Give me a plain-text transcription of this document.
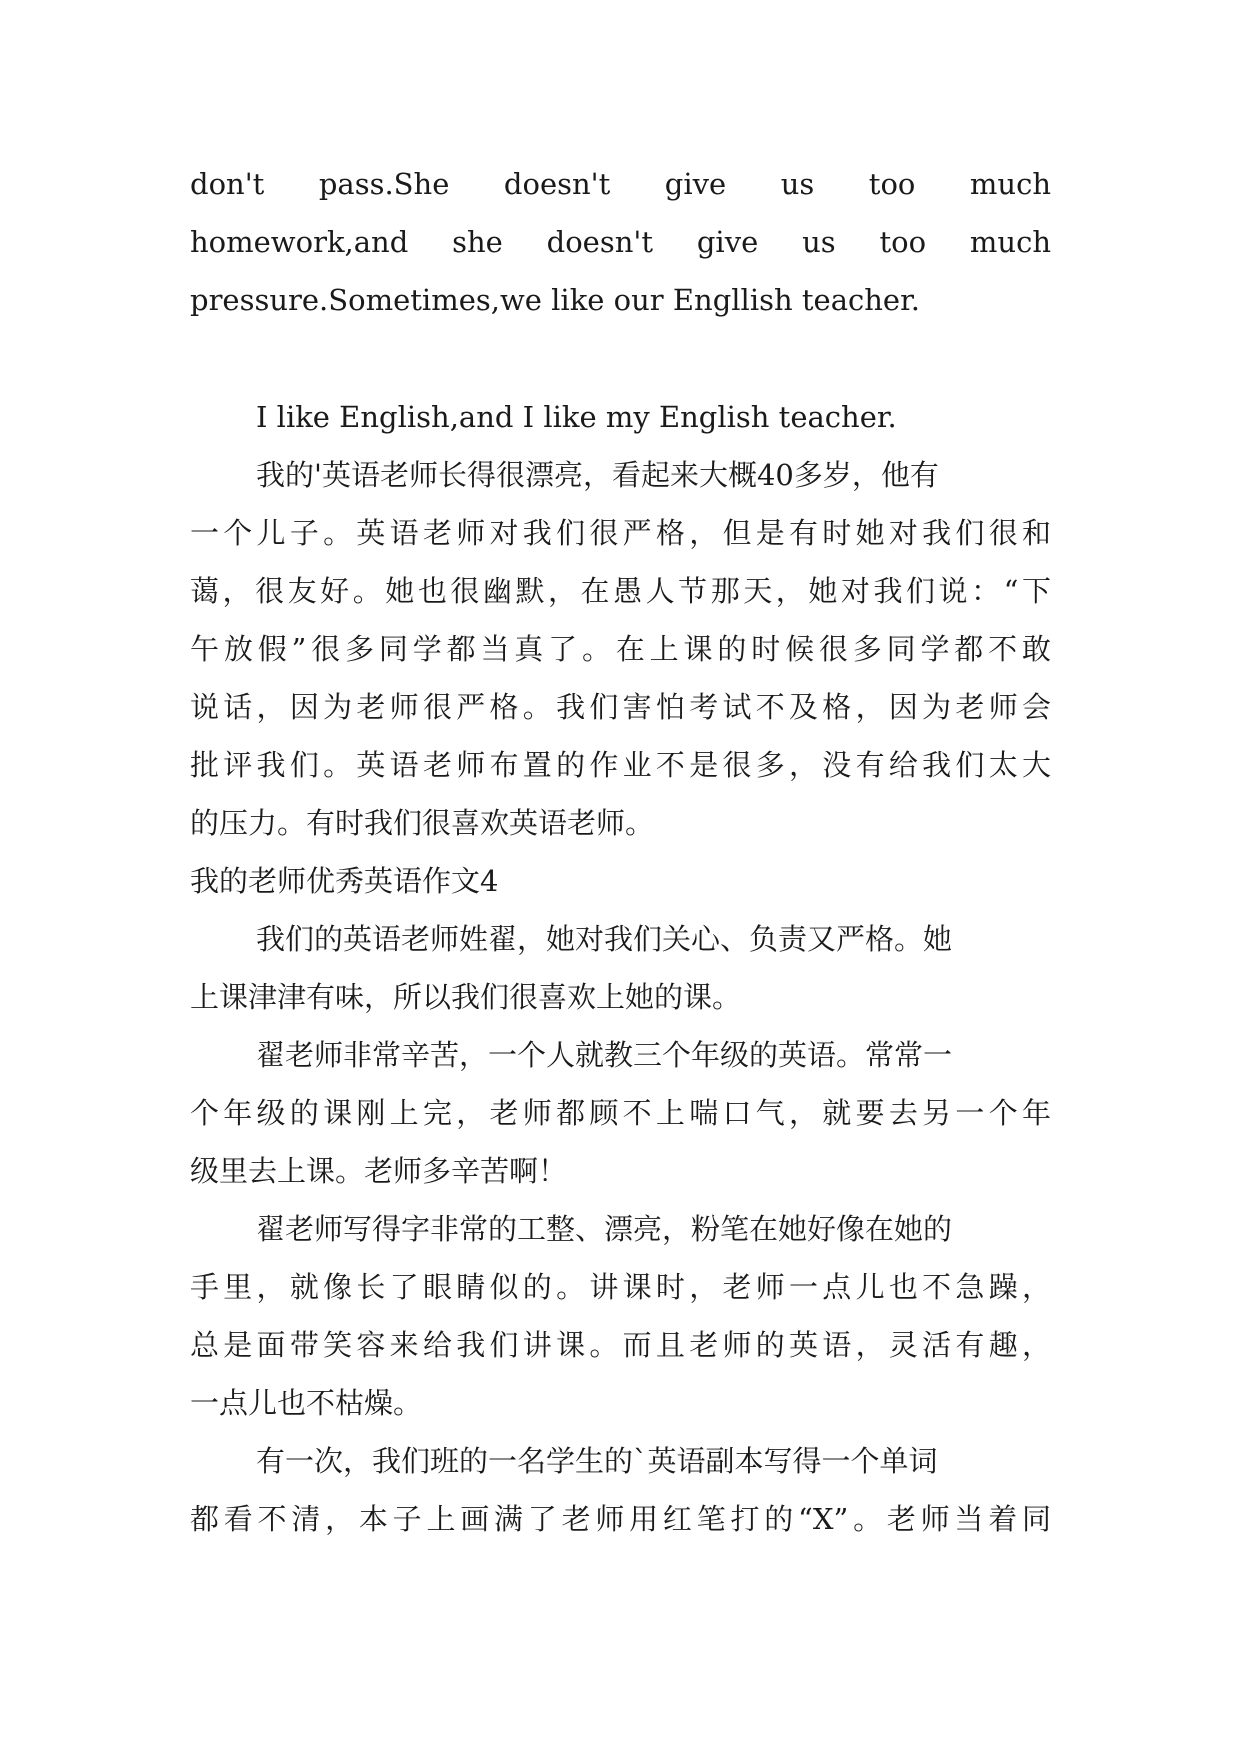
don't pass.She doesn't give us too much
homework,and she doesn't give us too much
pressure.Sometimes,we like our Engllish teacher.
I like English,and I like my English teacher.
我的'英语老师长得很漂亮，看起来大概40多岁，他有
一个儿子。英语老师对我们很严格，但是有时她对我们很和
蔼，很友好。她也很幽默，在愚人节那天，她对我们说：“下
午放假”很多同学都当真了。在上课的时候很多同学都不敢
说话，因为老师很严格。我们害怕考试不及格，因为老师会
批评我们。英语老师布置的作业不是很多，没有给我们太大
的压力。有时我们很喜欢英语老师。
我的老师优秀英语作文4
我们的英语老师姓翟，她对我们关心、负责又严格。她
上课津津有味，所以我们很喜欢上她的课。
翟老师非常辛苦，一个人就教三个年级的英语。常常一
个年级的课刚上完，老师都顾不上喘口气，就要去另一个年
级里去上课。老师多辛苦啊！
翟老师写得字非常的工整、漂亮，粉笔在她好像在她的
手里，就像长了眼睛似的。讲课时，老师一点儿也不急躁，
总是面带笑容来给我们讲课。而且老师的英语，灵活有趣，
一点儿也不枯燥。
有一次，我们班的一名学生的`英语副本写得一个单词
都看不清，本子上画满了老师用红笔打的“X”。老师当着同
